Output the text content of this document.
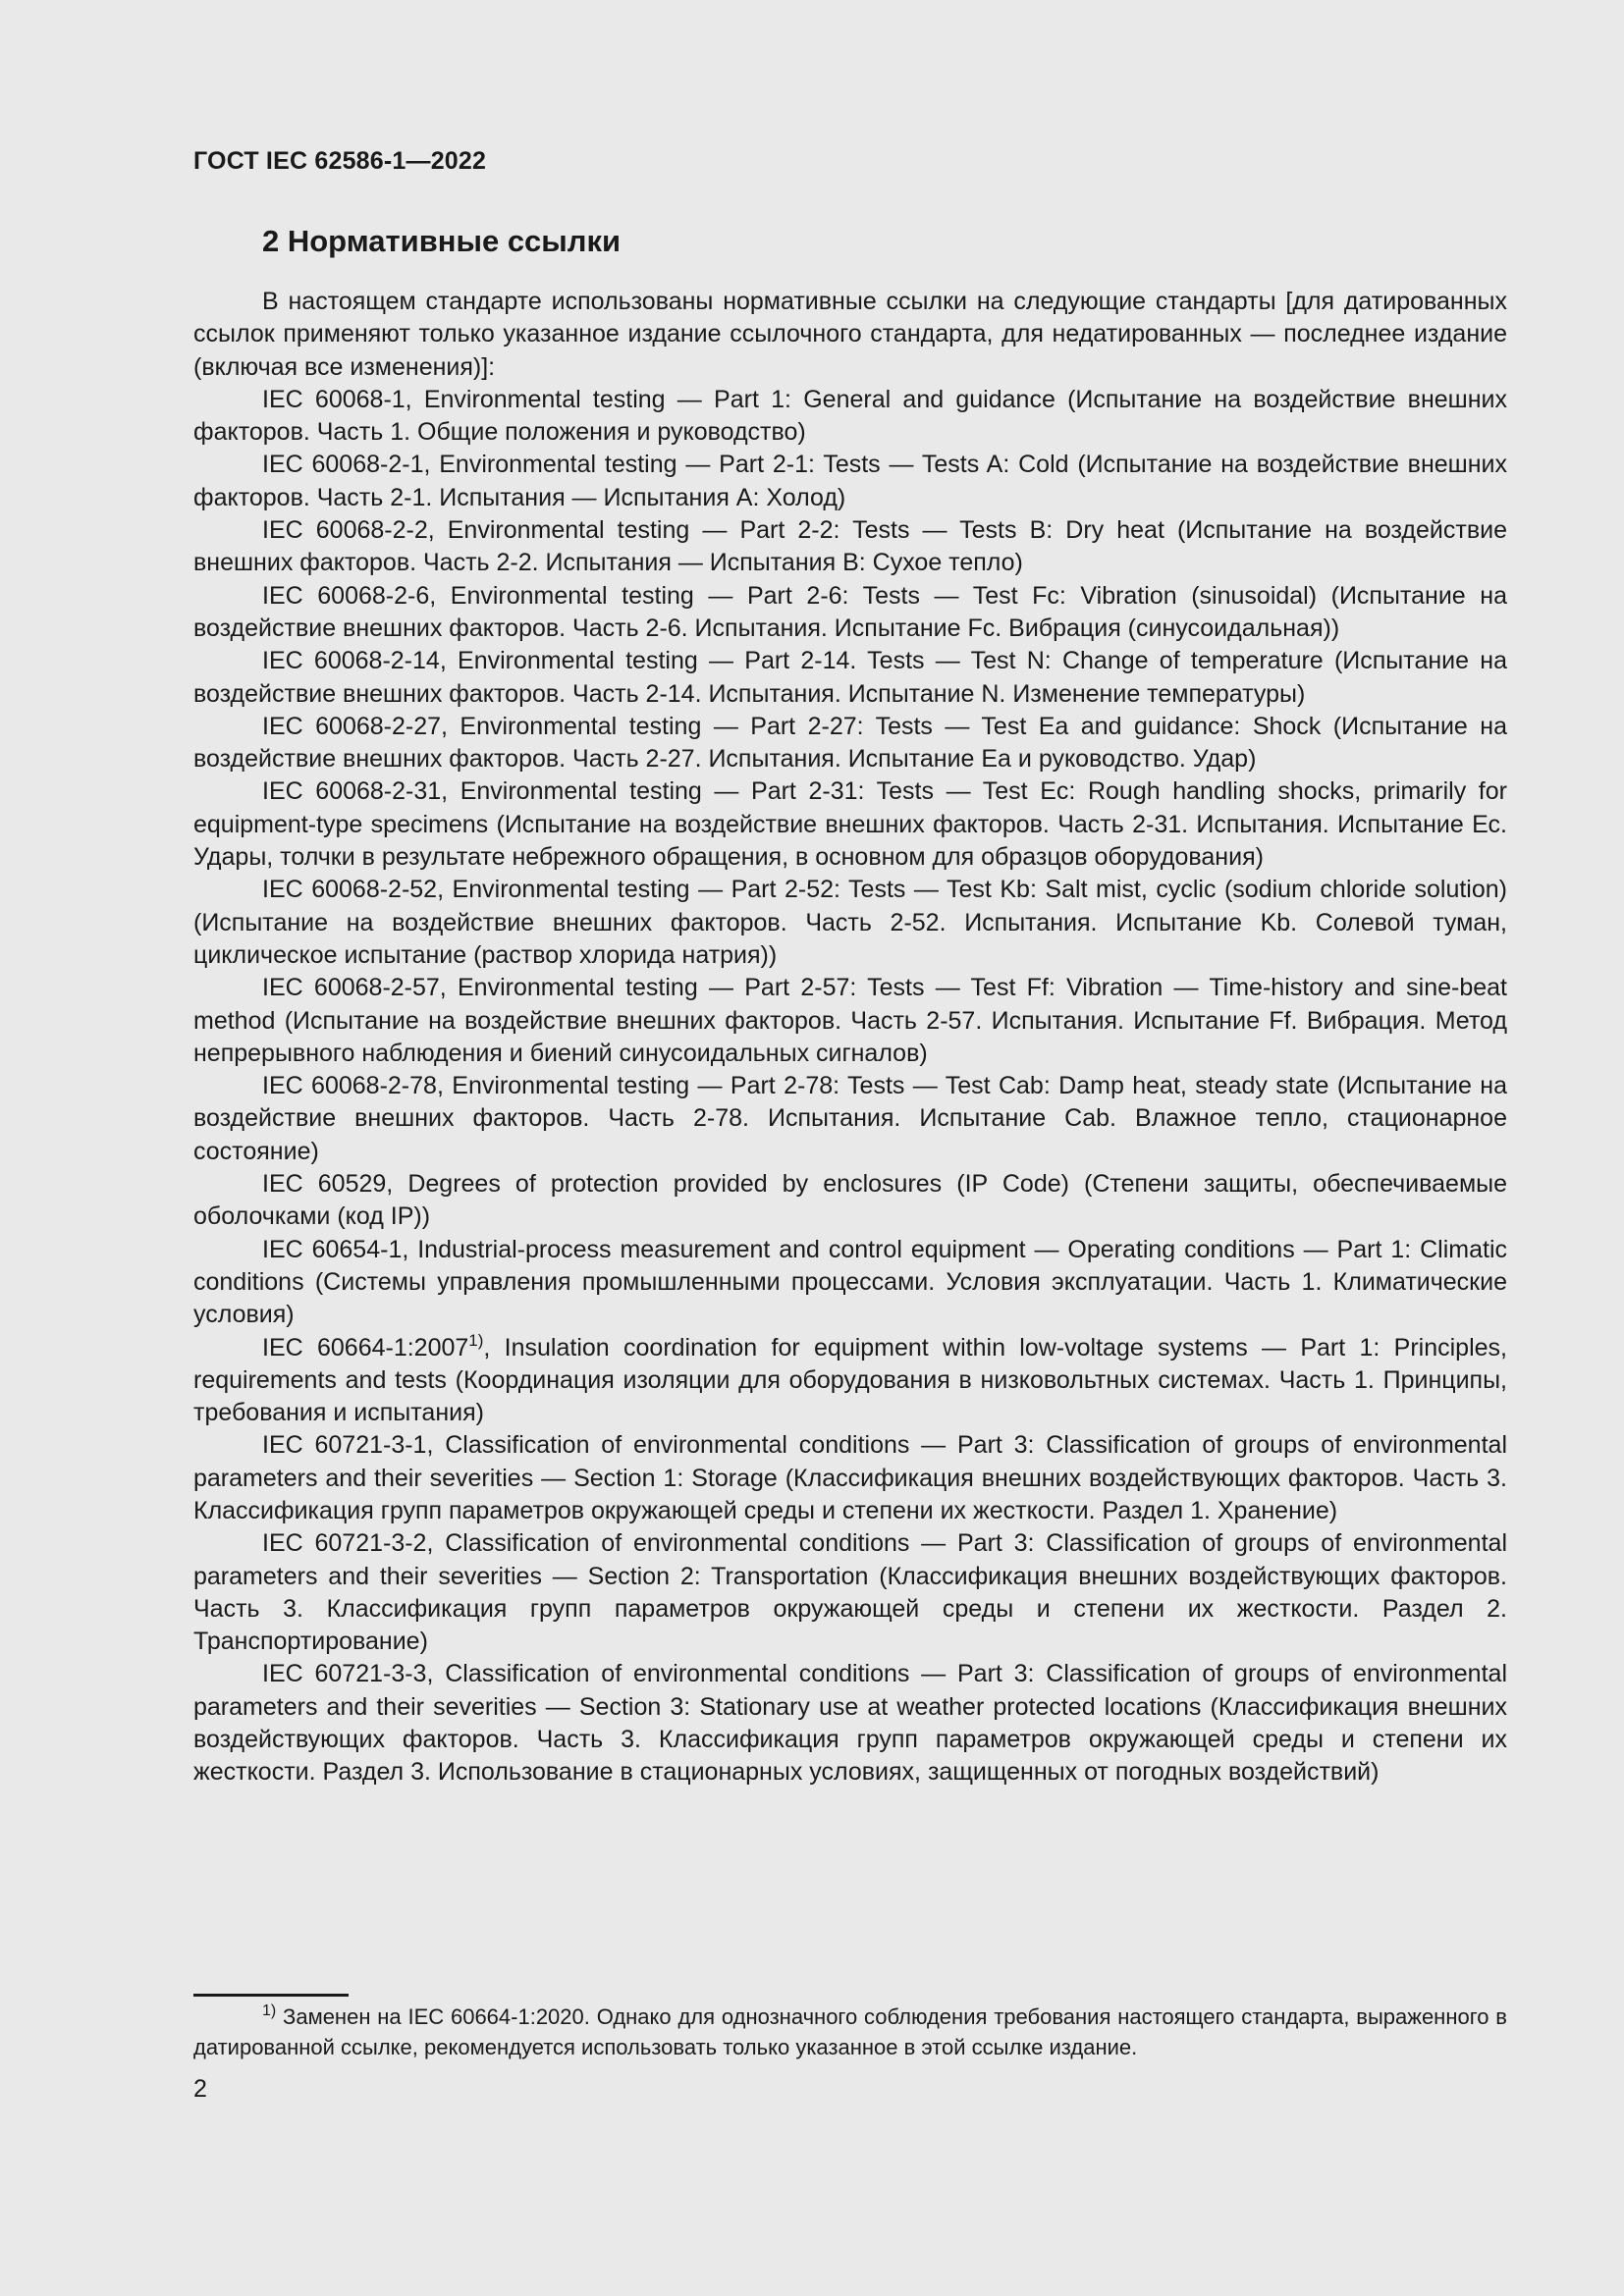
ГОСТ IEC 62586-1—2022
2 Нормативные ссылки

В настоящем стандарте использованы нормативные ссылки на следующие стандарты [для датированных ссылок применяют только указанное издание ссылочного стандарта, для недатированных — последнее издание (включая все изменения)]:

IEC 60068-1, Environmental testing — Part 1: General and guidance (Испытание на воздействие внешних факторов. Часть 1. Общие положения и руководство)

IEC 60068-2-1, Environmental testing — Part 2-1: Tests — Tests A: Cold (Испытание на воздействие внешних факторов. Часть 2-1. Испытания — Испытания А: Холод)

IEC 60068-2-2, Environmental testing — Part 2-2: Tests — Tests B: Dry heat (Испытание на воздействие внешних факторов. Часть 2-2. Испытания — Испытания В: Сухое тепло)

IEC 60068-2-6, Environmental testing — Part 2-6: Tests — Test Fc: Vibration (sinusoidal) (Испытание на воздействие внешних факторов. Часть 2-6. Испытания. Испытание Fc. Вибрация (синусоидальная))

IEC 60068-2-14, Environmental testing — Part 2-14. Tests — Test N: Change of temperature (Испытание на воздействие внешних факторов. Часть 2-14. Испытания. Испытание N. Изменение температуры)

IEC 60068-2-27, Environmental testing — Part 2-27: Tests — Test Ea and guidance: Shock (Испытание на воздействие внешних факторов. Часть 2-27. Испытания. Испытание Еа и руководство. Удар)

IEC 60068-2-31, Environmental testing — Part 2-31: Tests — Test Ec: Rough handling shocks, primarily for equipment-type specimens (Испытание на воздействие внешних факторов. Часть 2-31. Испытания. Испытание Ес. Удары, толчки в результате небрежного обращения, в основном для образцов оборудования)

IEC 60068-2-52, Environmental testing — Part 2-52: Tests — Test Kb: Salt mist, cyclic (sodium chloride solution) (Испытание на воздействие внешних факторов. Часть 2-52. Испытания. Испытание Kb. Солевой туман, циклическое испытание (раствор хлорида натрия))

IEC 60068-2-57, Environmental testing — Part 2-57: Tests — Test Ff: Vibration — Time-history and sine-beat method (Испытание на воздействие внешних факторов. Часть 2-57. Испытания. Испытание Ff. Вибрация. Метод непрерывного наблюдения и биений синусоидальных сигналов)

IEC 60068-2-78, Environmental testing — Part 2-78: Tests — Test Cab: Damp heat, steady state (Испытание на воздействие внешних факторов. Часть 2-78. Испытания. Испытание Cab. Влажное тепло, стационарное состояние)

IEC 60529, Degrees of protection provided by enclosures (IP Code) (Степени защиты, обеспечиваемые оболочками (код IP))

IEC 60654-1, Industrial-process measurement and control equipment — Operating conditions — Part 1: Climatic conditions (Системы управления промышленными процессами. Условия эксплуатации. Часть 1. Климатические условия)

IEC 60664-1:2007$^{1)}$, Insulation coordination for equipment within low-voltage systems — Part 1: Principles, requirements and tests (Координация изоляции для оборудования в низковольтных системах. Часть 1. Принципы, требования и испытания)

IEC 60721-3-1, Classification of environmental conditions — Part 3: Classification of groups of environmental parameters and their severities — Section 1: Storage (Классификация внешних воздействующих факторов. Часть 3. Классификация групп параметров окружающей среды и степени их жесткости. Раздел 1. Хранение)

IEC 60721-3-2, Classification of environmental conditions — Part 3: Classification of groups of environmental parameters and their severities — Section 2: Transportation (Классификация внешних воздействующих факторов. Часть 3. Классификация групп параметров окружающей среды и степени их жесткости. Раздел 2. Транспортирование)

IEC 60721-3-3, Classification of environmental conditions — Part 3: Classification of groups of environmental parameters and their severities — Section 3: Stationary use at weather protected locations (Классификация внешних воздействующих факторов. Часть 3. Классификация групп параметров окружающей среды и степени их жесткости. Раздел 3. Использование в стационарных условиях, защищенных от погодных воздействий)

$^{1)}$ Заменен на IEC 60664-1:2020. Однако для однозначного соблюдения требования настоящего стандарта, выраженного в датированной ссылке, рекомендуется использовать только указанное в этой ссылке издание.

2
